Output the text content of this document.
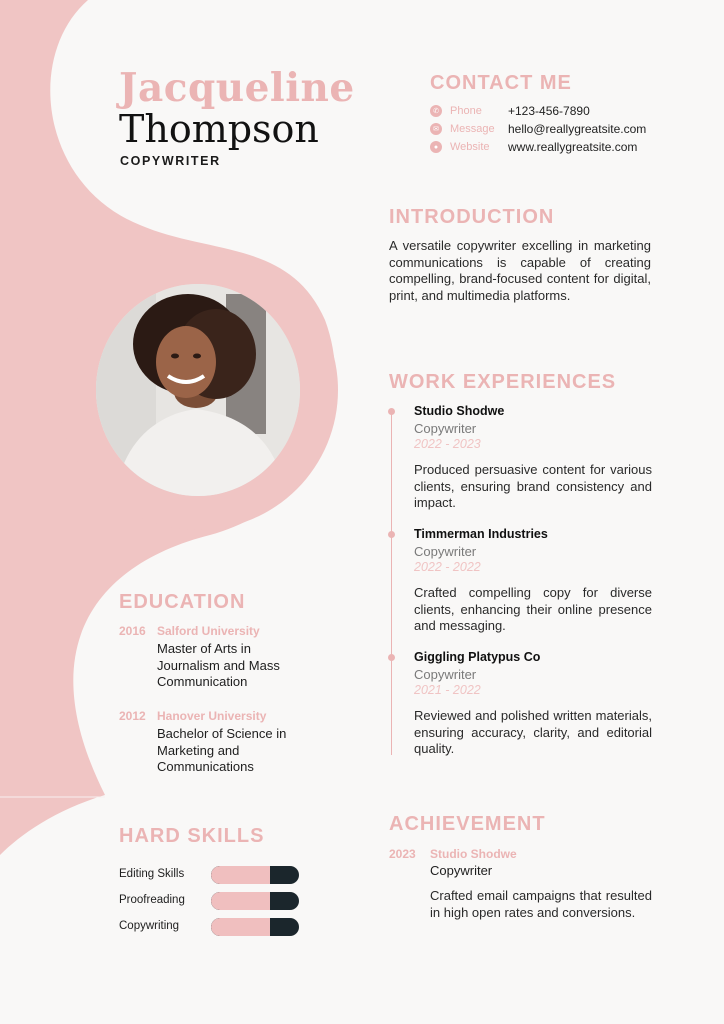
Jacqueline
Thompson
COPYWRITER
CONTACT ME
✆ Phone	+123-456-7890
✉ Message	hello@reallygreatsite.com
●	Website	www.reallygreatsite.com
INTRODUCTION
A versatile copywriter excelling in marketing communications is capable of creating compelling, brand-focused content for digital, print, and multimedia platforms.
WORK EXPERIENCES
Studio Shodwe
Copywriter
2022 - 2023
Produced persuasive content for various clients, ensuring brand consistency and impact.
Timmerman Industries
Copywriter
2022 - 2022
Crafted compelling copy for diverse clients, enhancing their online presence and messaging.
Giggling Platypus Co
Copywriter
2021 - 2022
Reviewed and polished written materials, ensuring accuracy, clarity, and editorial quality.
EDUCATION
2016 Salford University
Master of Arts in Journalism and Mass Communication
2012 Hanover University
Bachelor of Science in Marketing and Communications
HARD SKILLS
Editing Skills
Proofreading
Copywriting
ACHIEVEMENT
2023 Studio Shodwe
Copywriter
Crafted email campaigns that resulted in high open rates and conversions.
